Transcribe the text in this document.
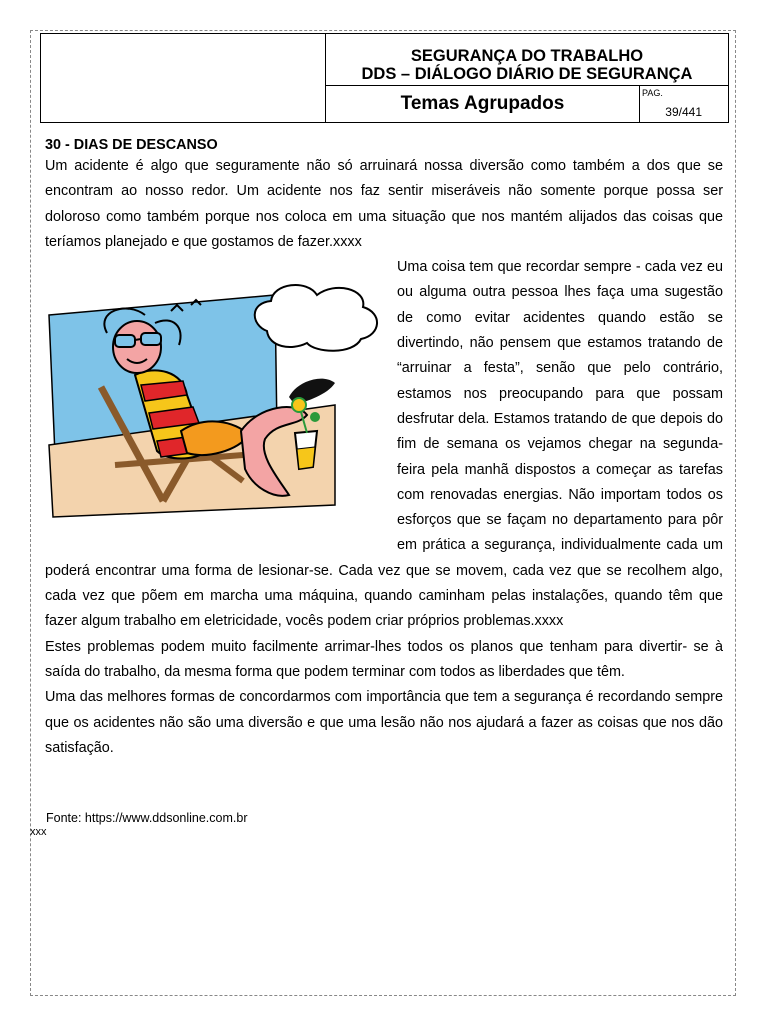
SEGURANÇA DO TRABALHO
DDS – DIÁLOGO DIÁRIO DE SEGURANÇA
Temas Agrupados	PAG.
39/441
30 - DIAS DE DESCANSO

Um acidente é algo que seguramente não só arruinará nossa diversão como também a dos que se encontram ao nosso redor. Um acidente nos faz sentir miseráveis não somente porque possa ser doloroso como também porque nos coloca em uma situação que nos mantém alijados das coisas que teríamos planejado e que gostamos de fazer.xxxx

Uma coisa tem que recordar sempre - cada vez eu ou alguma outra pessoa lhes faça uma sugestão de como evitar acidentes quando estão se divertindo, não pensem que estamos tratando de “arruinar a festa”, senão que pelo contrário, estamos nos preocupando para que possam desfrutar dela. Estamos tratando de que depois do fim de semana os vejamos chegar na segunda-feira pela manhã dispostos a começar as tarefas com renovadas energias. Não importam todos os esforços que se façam no departamento para pôr em prática a segurança, individualmente cada um poderá encontrar uma forma de lesionar-se. Cada vez que se movem, cada vez que se recolhem algo, cada vez que põem em marcha uma máquina, quando caminham pelas instalações, quando têm que fazer algum trabalho em eletricidade, vocês podem criar próprios problemas.xxxx

Estes problemas podem muito facilmente arrimar-lhes todos os planos que tenham para divertir- se à saída do trabalho, da mesma forma que podem terminar com todos as liberdades que têm.

Uma das melhores formas de concordarmos com importância que tem a segurança é recordando sempre que os acidentes não são uma diversão e que uma lesão não nos ajudará a fazer as coisas que nos dão satisfação.

Fonte: https://www.ddsonline.com.br
xxx
